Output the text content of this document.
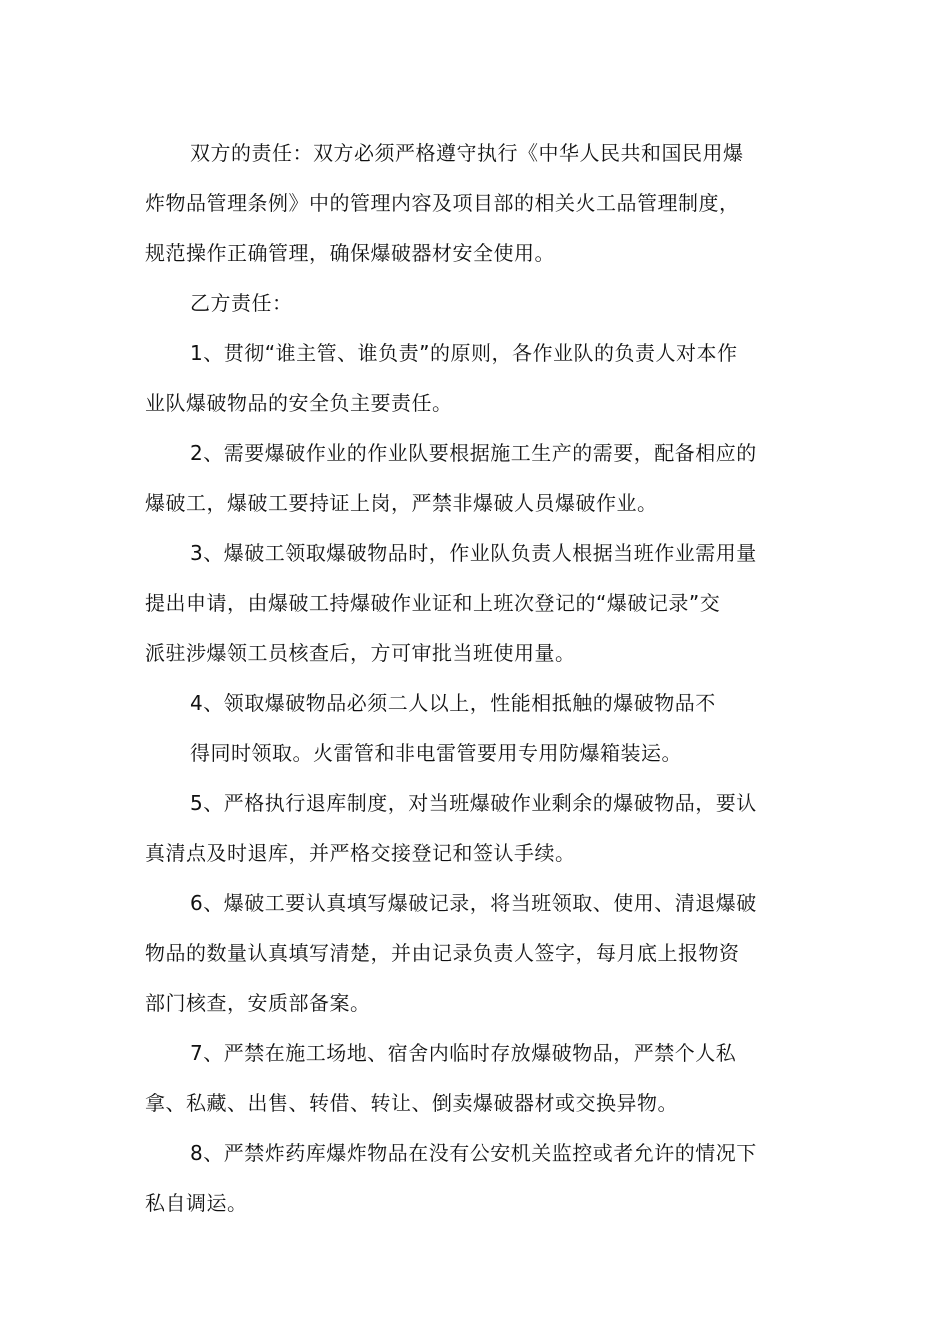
双方的责任：双方必须严格遵守执行《中华人民共和国民用爆
炸物品管理条例》中的管理内容及项目部的相关火工品管理制度，
规范操作正确管理，确保爆破器材安全使用。
乙方责任：
1、贯彻“谁主管、谁负责”的原则，各作业队的负责人对本作
业队爆破物品的安全负主要责任。
2、需要爆破作业的作业队要根据施工生产的需要，配备相应的
爆破工，爆破工要持证上岗，严禁非爆破人员爆破作业。
3、爆破工领取爆破物品时，作业队负责人根据当班作业需用量
提出申请，由爆破工持爆破作业证和上班次登记的“爆破记录”交
派驻涉爆领工员核查后，方可审批当班使用量。
4、领取爆破物品必须二人以上，性能相抵触的爆破物品不
得同时领取。火雷管和非电雷管要用专用防爆箱装运。
5、严格执行退库制度，对当班爆破作业剩余的爆破物品，要认
真清点及时退库，并严格交接登记和签认手续。
6、爆破工要认真填写爆破记录，将当班领取、使用、清退爆破
物品的数量认真填写清楚，并由记录负责人签字，每月底上报物资
部门核查，安质部备案。
7、严禁在施工场地、宿舍内临时存放爆破物品，严禁个人私
拿、私藏、出售、转借、转让、倒卖爆破器材或交换异物。
8、严禁炸药库爆炸物品在没有公安机关监控或者允许的情况下
私自调运。
